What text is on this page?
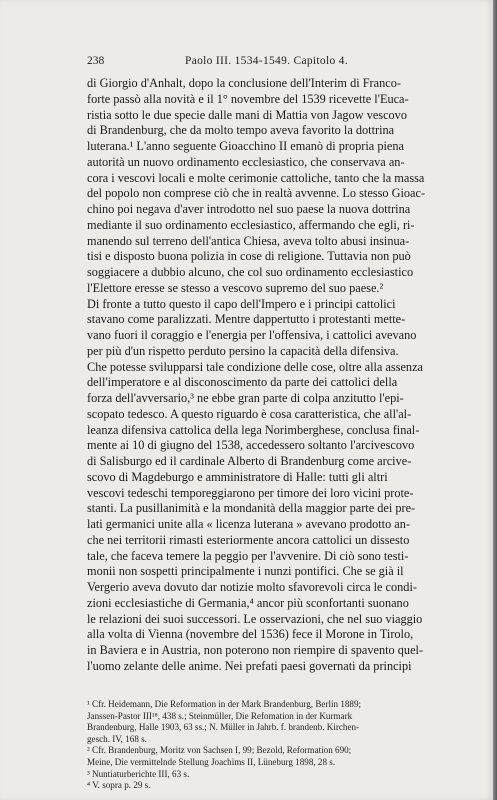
238	Paolo III. 1534-1549. Capitolo 4.
di Giorgio d'Anhalt, dopo la conclusione dell'Interim di Franco-
forte passò alla novità e il 1° novembre del 1539 ricevette l'Euca-
ristia sotto le due specie dalle mani di Mattia von Jagow vescovo
di Brandenburg, che da molto tempo aveva favorito la dottrina
luterana.¹ L'anno seguente Gioacchino II emanò di propria piena
autorità un nuovo ordinamento ecclesiastico, che conservava an-
cora i vescovi locali e molte cerimonie cattoliche, tanto che la massa
del popolo non comprese ciò che in realtà avvenne. Lo stesso Gioac-
chino poi negava d'aver introdotto nel suo paese la nuova dottrina
mediante il suo ordinamento ecclesiastico, affermando che egli, ri-
manendo sul terreno dell'antica Chiesa, aveva tolto abusi insinua-
tisi e disposto buona polizia in cose di religione. Tuttavia non può
soggiacere a dubbio alcuno, che col suo ordinamento ecclesiastico
l'Elettore eresse se stesso a vescovo supremo del suo paese.²
Di fronte a tutto questo il capo dell'Impero e i principi cattolici
stavano come paralizzati. Mentre dappertutto i protestanti mette-
vano fuori il coraggio e l'energia per l'offensiva, i cattolici avevano
per più d'un rispetto perduto persino la capacità della difensiva.
Che potesse svilupparsi tale condizione delle cose, oltre alla assenza
dell'imperatore e al disconoscimento da parte dei cattolici della
forza dell'avversario,³ ne ebbe gran parte di colpa anzitutto l'epi-
scopato tedesco. A questo riguardo è cosa caratteristica, che all'al-
leanza difensiva cattolica della lega Norimberghese, conclusa final-
mente ai 10 di giugno del 1538, accedessero soltanto l'arcivescovo
di Salisburgo ed il cardinale Alberto di Brandenburg come arcive-
scovo di Magdeburgo e amministratore di Halle: tutti gli altri
vescovi tedeschi temporeggiarono per timore dei loro vicini prote-
stanti. La pusillanimità e la mondanità della maggior parte dei pre-
lati germanici unite alla « licenza luterana » avevano prodotto an-
che nei territorii rimasti esteriormente ancora cattolici un dissesto
tale, che faceva temere la peggio per l'avvenire. Di ciò sono testi-
monii non sospetti principalmente i nunzi pontifici. Che se già il
Vergerio aveva dovuto dar notizie molto sfavorevoli circa le condi-
zioni ecclesiastiche di Germania,⁴ ancor più sconfortanti suonano
le relazioni dei suoi successori. Le osservazioni, che nel suo viaggio
alla volta di Vienna (novembre del 1536) fece il Morone in Tirolo,
in Baviera e in Austria, non poterono non riempire di spavento quel-
l'uomo zelante delle anime. Nei prefati paesi governati da principi
¹ Cfr. Heidemann, Die Reformation in der Mark Brandenburg, Berlin 1889;
Janssen-Pastor III¹⁸, 438 s.; Steinmüller, Die Refomation in der Kurmark
Brandenburg, Halle 1903, 63 ss.; N. Müller in Jahrb. f. brandenb. Kirchen-
gesch. IV, 168 s.
² Cfr. Brandenburg, Moritz von Sachsen I, 99; Bezold, Reformation 690;
Meine, Die vermittelnde Stellung Joachims II, Lüneburg 1898, 28 s.
³ Nuntiaturberichte III, 63 s.
⁴ V. sopra p. 29 s.
